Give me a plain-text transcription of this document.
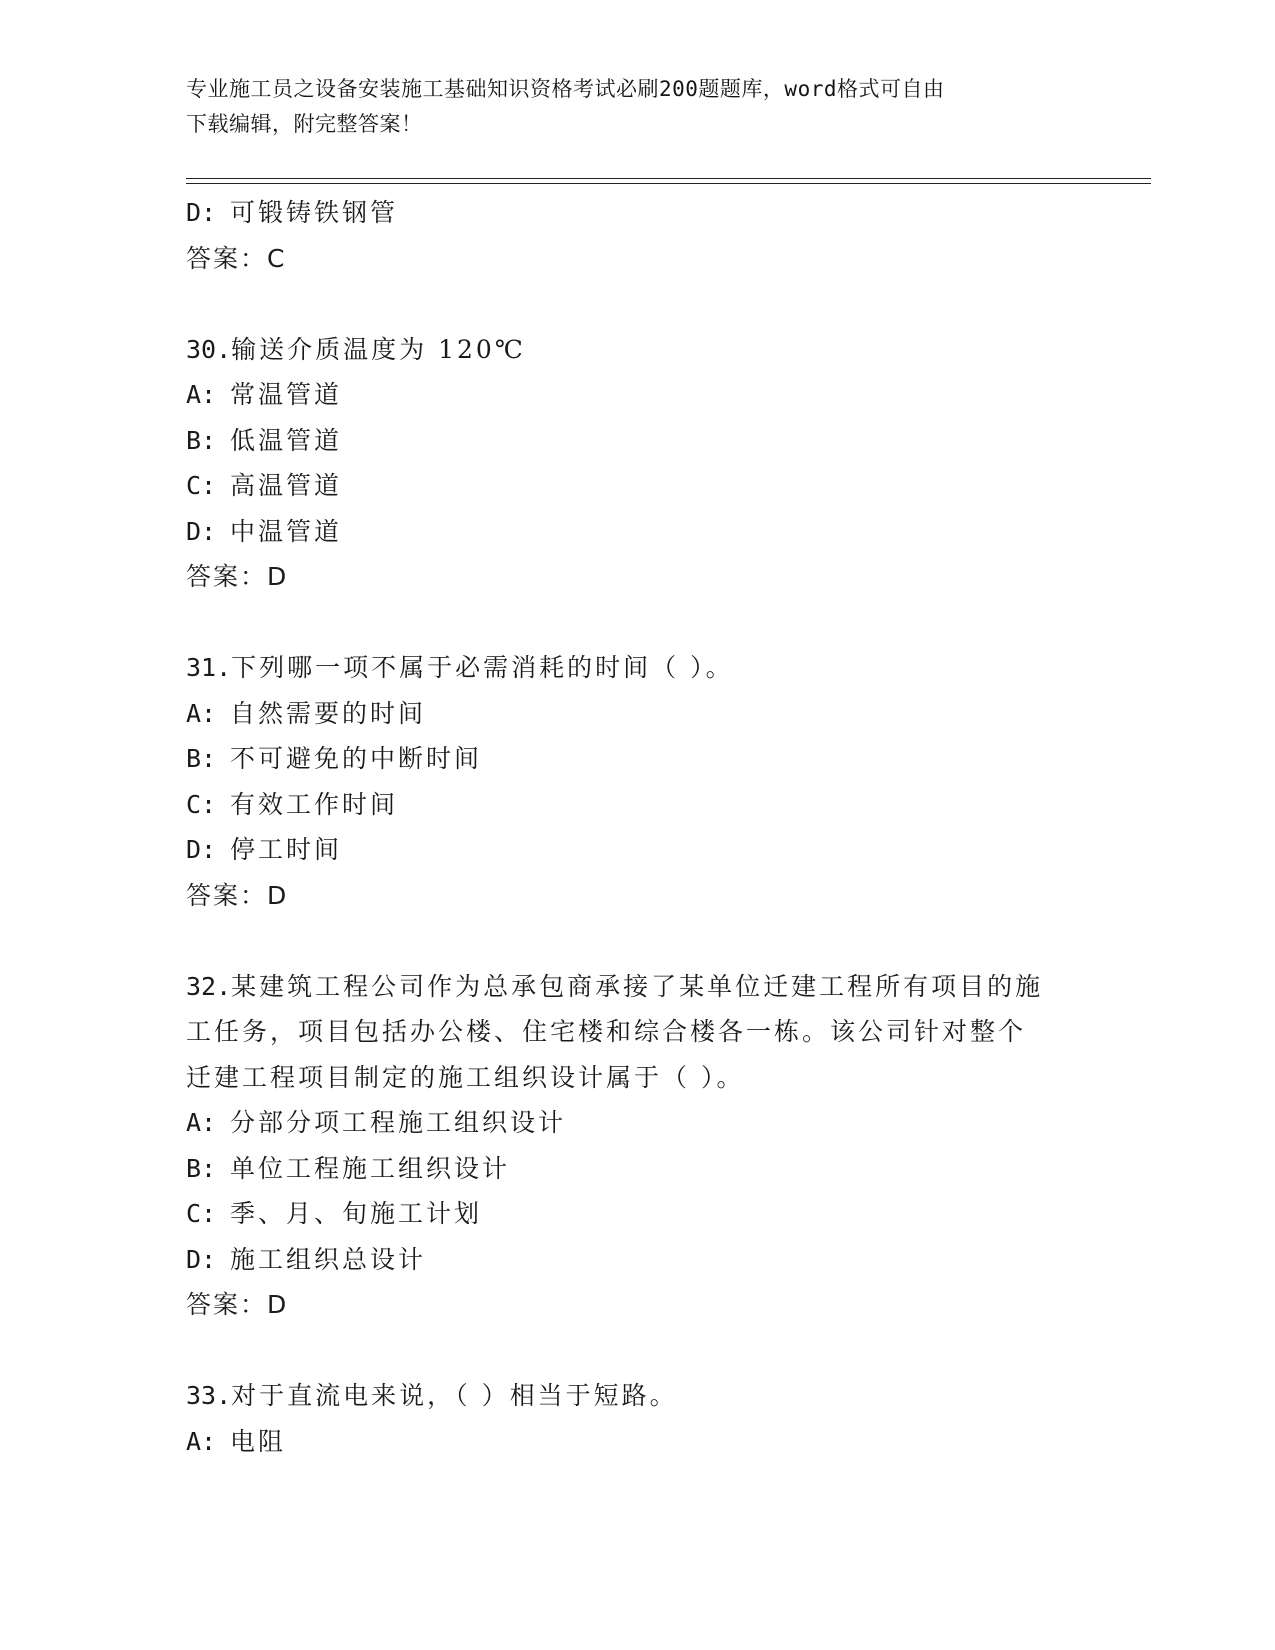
专业施工员之设备安装施工基础知识资格考试必刷200题题库，word格式可自由
下载编辑，附完整答案！
D: 可锻铸铁钢管
答案：C
30.输送介质温度为 120℃
A: 常温管道
B: 低温管道
C: 高温管道
D: 中温管道
答案：D
31.下列哪一项不属于必需消耗的时间（ ）。
A: 自然需要的时间
B: 不可避免的中断时间
C: 有效工作时间
D: 停工时间
答案：D
32.某建筑工程公司作为总承包商承接了某单位迁建工程所有项目的施
工任务，项目包括办公楼、住宅楼和综合楼各一栋。该公司针对整个
迁建工程项目制定的施工组织设计属于（ ）。
A: 分部分项工程施工组织设计
B: 单位工程施工组织设计
C: 季、月、旬施工计划
D: 施工组织总设计
答案：D
33.对于直流电来说，（ ）相当于短路。
A: 电阻
